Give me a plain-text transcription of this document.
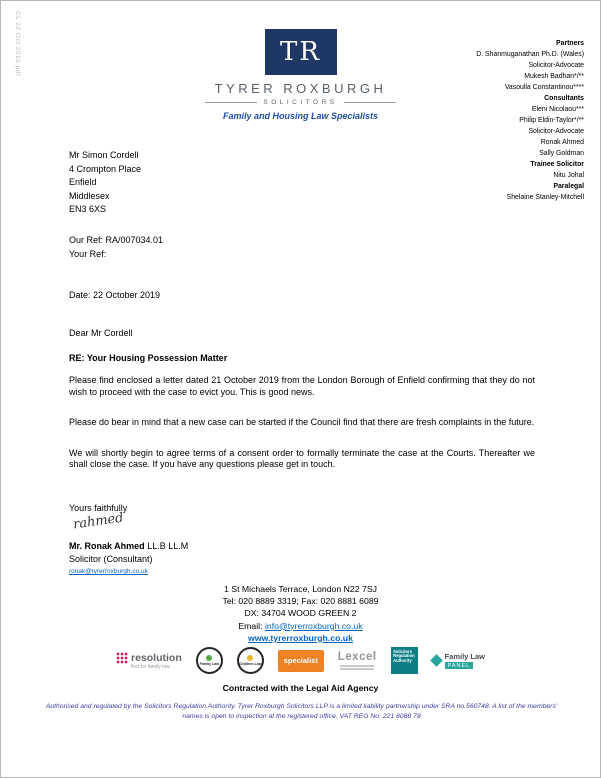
CL 22 Oct 2019.pdf	TR
TYRER ROXBURGH
SOLICITORS
Family and Housing Law Specialists
Partners
D. Shanmuganathan Ph.D. (Wales)
Solicitor-Advocate
Mukesh Badhan*/**
Vasoulla Constantinou****
Consultants
Eleni Nicolaou***
Philip Eldin-Taylor*/**
Solicitor-Advocate
Ronak Ahmed
Sally Goldman
Trainee Solicitor
Nitu Johal
Paralegal
Shelaine Stanley-Mitchell
Mr Simon Cordell
4 Crompton Place
Enfield
Middlesex
EN3 6XS
Our Ref: RA/007034.01
Your Ref:
Date: 22 October 2019
Dear Mr Cordell
RE: Your Housing Possession Matter

Please find enclosed a letter dated 21 October 2019 from the London Borough of Enfield confirming that they do not wish to proceed with the case to evict you. This is good news.

Please do bear in mind that a new case can be started if the Council find that there are fresh complaints in the future.

We will shortly begin to agree terms of a consent order to formally terminate the case at the Courts. Thereafter we shall close the case. If you have any questions please get in touch.

Yours faithfully
rahmed
Mr. Ronak Ahmed LL.B LL.M
Solicitor (Consultant)
ronak@tyrerroxburgh.co.uk
1 St Michaels Terrace, London N22 7SJ
Tel: 020 8889 3319; Fax: 020 8881 6089
DX: 34704 WOOD GREEN 2
Email: info@tyrerroxburgh.co.uk
www.tyrerroxburgh.co.uk
resolution
first for family law	Family Law	Children Law	specialist Lexcel
Solicitors Regulation Authority	Family Law
PANEL
Contracted with the Legal Aid Agency
Authorised and regulated by the Solicitors Regulation Authority. Tyrer Roxburgh Solicitors LLP is a limited liability partnership under SRA no.560748. A list of the members' names is open to inspection at the registered office. VAT REG No: 221 8088 78
